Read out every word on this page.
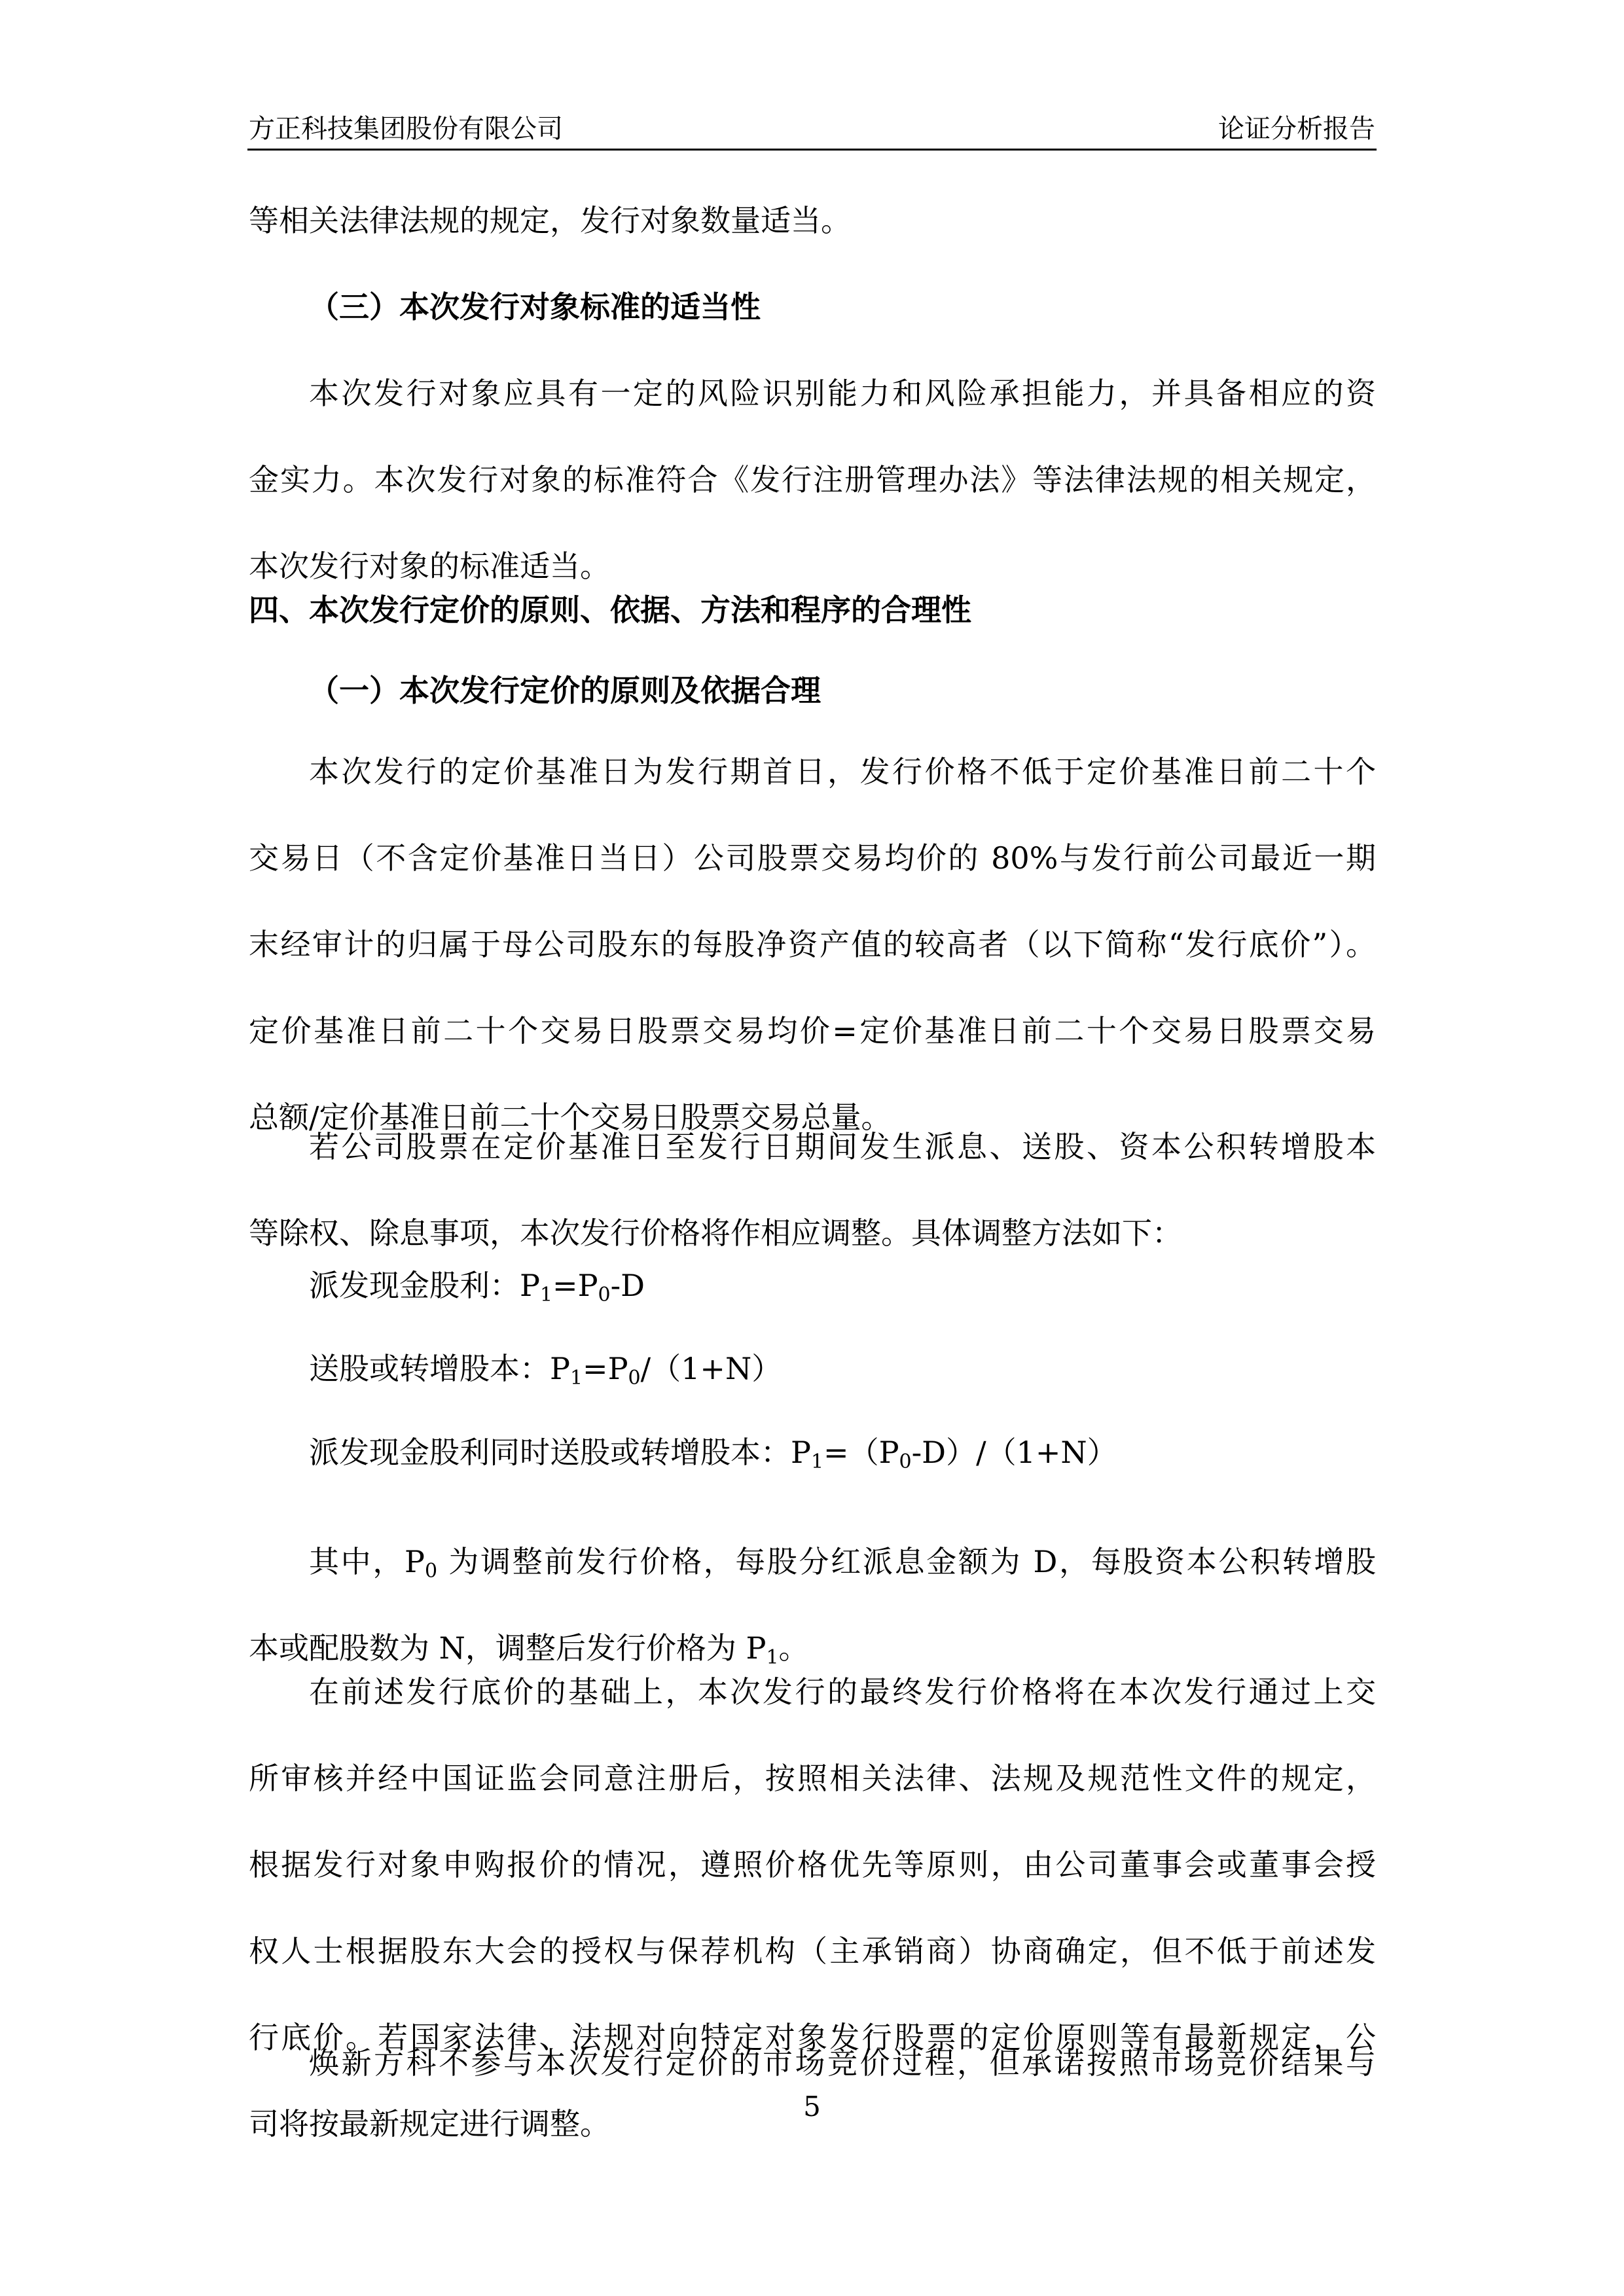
方正科技集团股份有限公司	论证分析报告
等相关法律法规的规定，发行对象数量适当。
（三）本次发行对象标准的适当性
本次发行对象应具有一定的风险识别能力和风险承担能力，并具备相应的资
金实力。本次发行对象的标准符合《发行注册管理办法》等法律法规的相关规定，
本次发行对象的标准适当。
四、本次发行定价的原则、依据、方法和程序的合理性
（一）本次发行定价的原则及依据合理
本次发行的定价基准日为发行期首日，发行价格不低于定价基准日前二十个
交易日（不含定价基准日当日）公司股票交易均价的 80%与发行前公司最近一期
末经审计的归属于母公司股东的每股净资产值的较高者（以下简称“发行底价”）。
定价基准日前二十个交易日股票交易均价=定价基准日前二十个交易日股票交易
总额/定价基准日前二十个交易日股票交易总量。
若公司股票在定价基准日至发行日期间发生派息、送股、资本公积转增股本
等除权、除息事项，本次发行价格将作相应调整。具体调整方法如下：
派发现金股利：$P_1=P_0-D$
送股或转增股本：$P_1=P_0/(1+N)$
派发现金股利同时送股或转增股本：$P_1=(P_0-D)/(1+N)$
其中，$P_0$ 为调整前发行价格，每股分红派息金额为 D，每股资本公积转增股
本或配股数为 N，调整后发行价格为 $P_1$。
在前述发行底价的基础上，本次发行的最终发行价格将在本次发行通过上交
所审核并经中国证监会同意注册后，按照相关法律、法规及规范性文件的规定，
根据发行对象申购报价的情况，遵照价格优先等原则，由公司董事会或董事会授
权人士根据股东大会的授权与保荐机构（主承销商）协商确定，但不低于前述发
行底价。若国家法律、法规对向特定对象发行股票的定价原则等有最新规定，公
司将按最新规定进行调整。
焕新方科不参与本次发行定价的市场竞价过程，但承诺按照市场竞价结果与
5
